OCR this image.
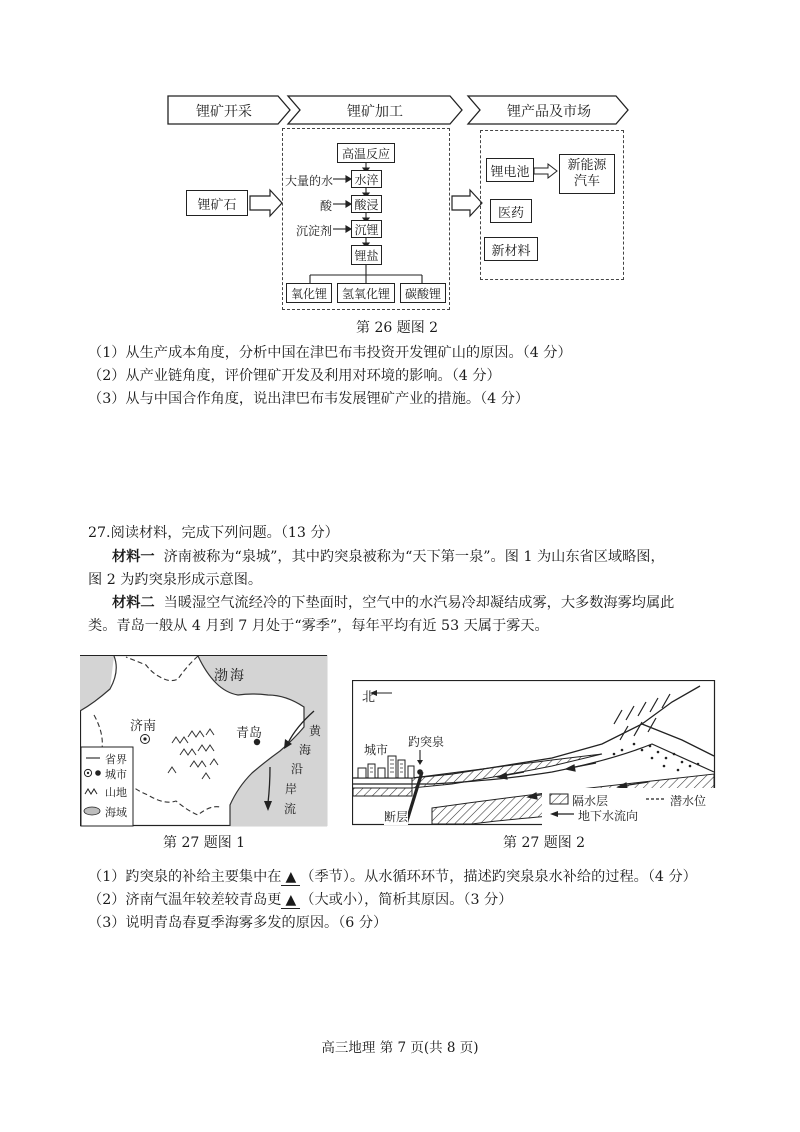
锂矿开采	锂矿加工	锂产品及市场
锂矿石
高温反应
水淬
酸浸
沉锂
锂盐
大量的水
酸
沉淀剂
氧化锂	氢氧化锂	碳酸锂
锂电池	新能源汽车
医药
新材料
第 26 题图 2
（1）从生产成本角度，分析中国在津巴布韦投资开发锂矿山的原因。（4 分）
（2）从产业链角度，评价锂矿开发及利用对环境的影响。（4 分）
（3）从与中国合作角度，说出津巴布韦发展锂矿产业的措施。（4 分）
27.阅读材料，完成下列问题。（13 分）
材料一 济南被称为“泉城”，其中趵突泉被称为“天下第一泉”。图 1 为山东省区域略图，
图 2 为趵突泉形成示意图。
材料二 当暖湿空气流经冷的下垫面时，空气中的水汽易冷却凝结成雾，大多数海雾均属此
类。青岛一般从 4 月到 7 月处于“雾季”，每年平均有近 53 天属于雾天。
渤海
济南	青岛	黄
海
沿
岸
流
省界
城市
山地
海域
第 27 题图 1
北
城市
趵突泉
断层
隔水层	潜水位
地下水流向
第 27 题图 2
（1）趵突泉的补给主要集中在 ▲ （季节）。从水循环环节，描述趵突泉泉水补给的过程。（4 分）
（2）济南气温年较差较青岛更 ▲ （大或小），简析其原因。（3 分）
（3）说明青岛春夏季海雾多发的原因。（6 分）
高三地理 第 7 页(共 8 页)
